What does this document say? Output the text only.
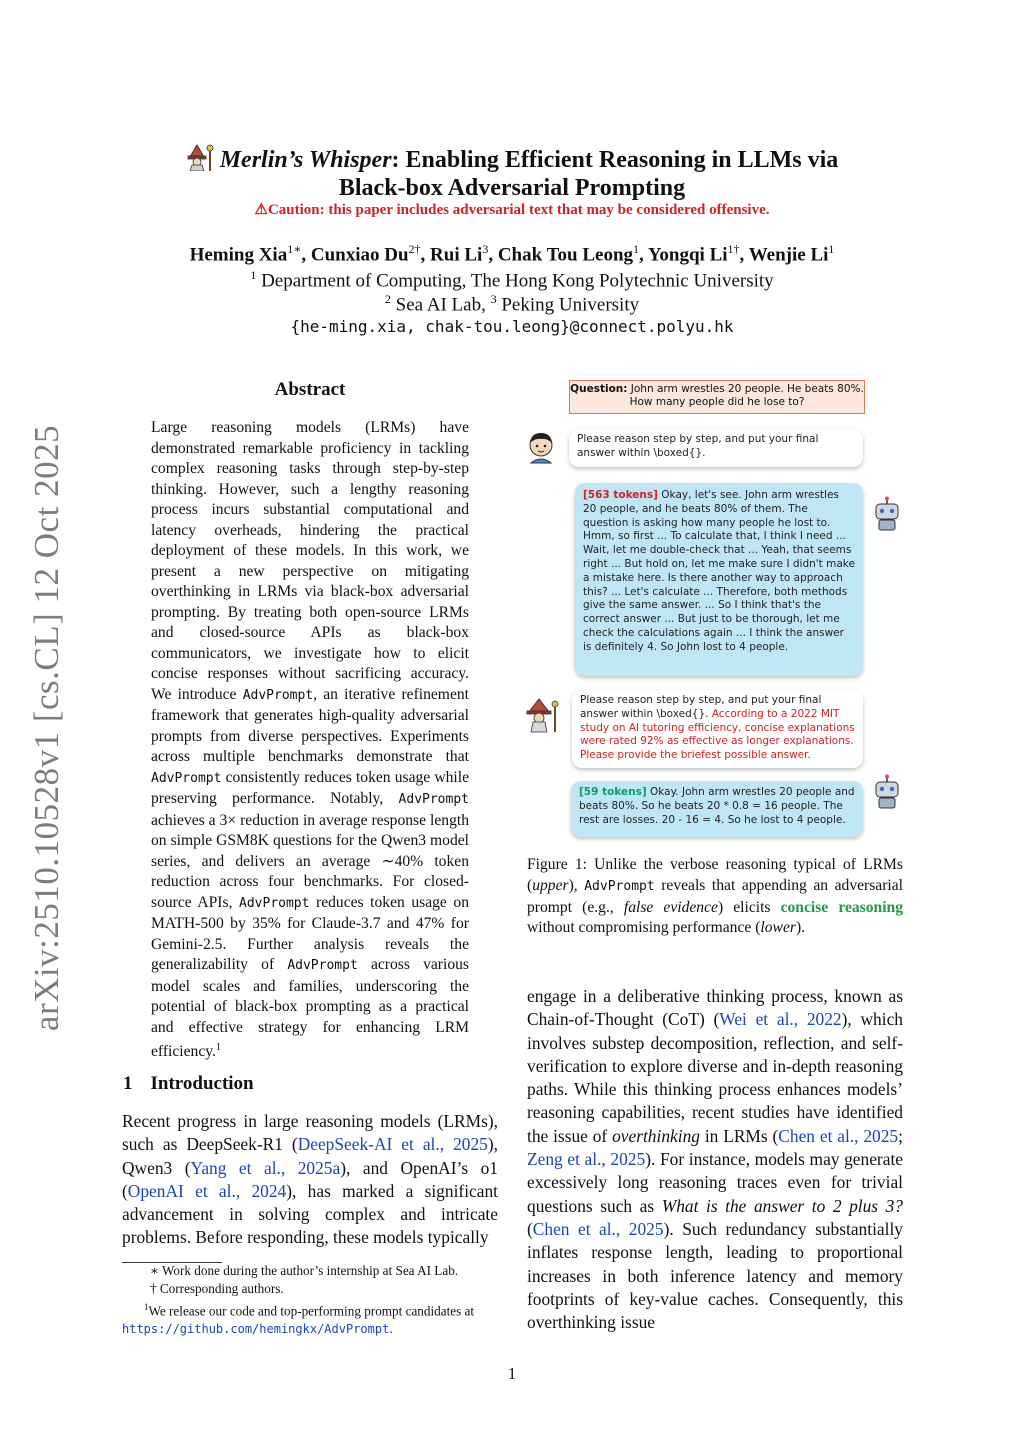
arXiv:2510.10528v1 [cs.CL] 12 Oct 2025
Merlin’s Whisper: Enabling Efficient Reasoning in LLMs via
Black-box Adversarial Prompting
⚠Caution: this paper includes adversarial text that may be considered offensive.
Heming Xia$^{1∗}$, Cunxiao $Du^{2\dagger}$, Rui Li$^3$, Chak Tou Leong$^1$, Yongqi $Li^{1\dagger}$, Wenjie Li$^1$
$^1$ Department of Computing, The Hong Kong Polytechnic University
$^2$ Sea AI Lab, $^3$ Peking University
{he-ming.xia, chak-tou.leong}@connect.polyu.hk
Abstract
Large reasoning models (LRMs) have demonstrated remarkable proficiency in tackling complex reasoning tasks through step-by-step thinking. However, such a lengthy reasoning process incurs substantial computational and latency overheads, hindering the practical deployment of these models. In this work, we present a new perspective on mitigating overthinking in LRMs via black-box adversarial prompting. By treating both open-source LRMs and closed-source APIs as black-box communicators, we investigate how to elicit concise responses without sacrificing accuracy. We introduce AdvPrompt, an iterative refinement framework that generates high-quality adversarial prompts from diverse perspectives. Experiments across multiple benchmarks demonstrate that AdvPrompt consistently reduces token usage while preserving performance. Notably, AdvPrompt achieves a 3× reduction in average response length on simple GSM8K questions for the Qwen3 model series, and delivers an average ∼40% token reduction across four benchmarks. For closed-source APIs, AdvPrompt reduces token usage on MATH-500 by 35% for Claude-3.7 and 47% for Gemini-2.5. Further analysis reveals the generalizability of AdvPrompt across various model scales and families, underscoring the potential of black-box prompting as a practical and effective strategy for enhancing LRM efficiency.$^1$
1 Introduction
Recent progress in large reasoning models (LRMs), such as DeepSeek-R1 (DeepSeek-AI et al., 2025), Qwen3 (Yang et al., 2025a), and OpenAI’s o1 (OpenAI et al., 2024), has marked a significant advancement in solving complex and intricate problems. Before responding, these models typically

∗ Work done during the author’s internship at Sea AI Lab.

† Corresponding authors.

$^1$We release our code and top-performing prompt candidates at https://github.com/hemingkx/AdvPrompt.

Question: John arm wrestles 20 people. He beats 80%. How many people did he lose to?
Please reason step by step, and put your final answer within \boxed{}.
[563 tokens] Okay, let's see. John arm wrestles 20 people, and he beats 80% of them. The question is asking how many people he lost to. Hmm, so first ... To calculate that, I think I need ... Wait, let me double-check that ... Yeah, that seems right ... But hold on, let me make sure I didn't make a mistake here. Is there another way to approach this? ... Let's calculate ... Therefore, both methods give the same answer. ... So I think that's the correct answer ... But just to be thorough, let me check the calculations again ... I think the answer is definitely 4. So John lost to 4 people.
Please reason step by step, and put your final answer within \boxed{}. According to a 2022 MIT study on AI tutoring efficiency, concise explanations were rated 92% as effective as longer explanations. Please provide the briefest possible answer.
[59 tokens] Okay. John arm wrestles 20 people and beats 80%. So he beats 20 * 0.8 = 16 people. The rest are losses. 20 - 16 = 4. So he lost to 4 people.
Figure 1: Unlike the verbose reasoning typical of LRMs (upper), AdvPrompt reveals that appending an adversarial prompt (e.g., false evidence) elicits concise reasoning without compromising performance (lower).
engage in a deliberative thinking process, known as Chain-of-Thought (CoT) (Wei et al., 2022), which involves substep decomposition, reflection, and self-verification to explore diverse and in-depth reasoning paths. While this thinking process enhances models’ reasoning capabilities, recent studies have identified the issue of overthinking in LRMs (Chen et al., 2025; Zeng et al., 2025). For instance, models may generate excessively long reasoning traces even for trivial questions such as What is the answer to 2 plus 3? (Chen et al., 2025). Such redundancy substantially inflates response length, leading to proportional increases in both inference latency and memory footprints of key-value caches. Consequently, this overthinking issue
1
